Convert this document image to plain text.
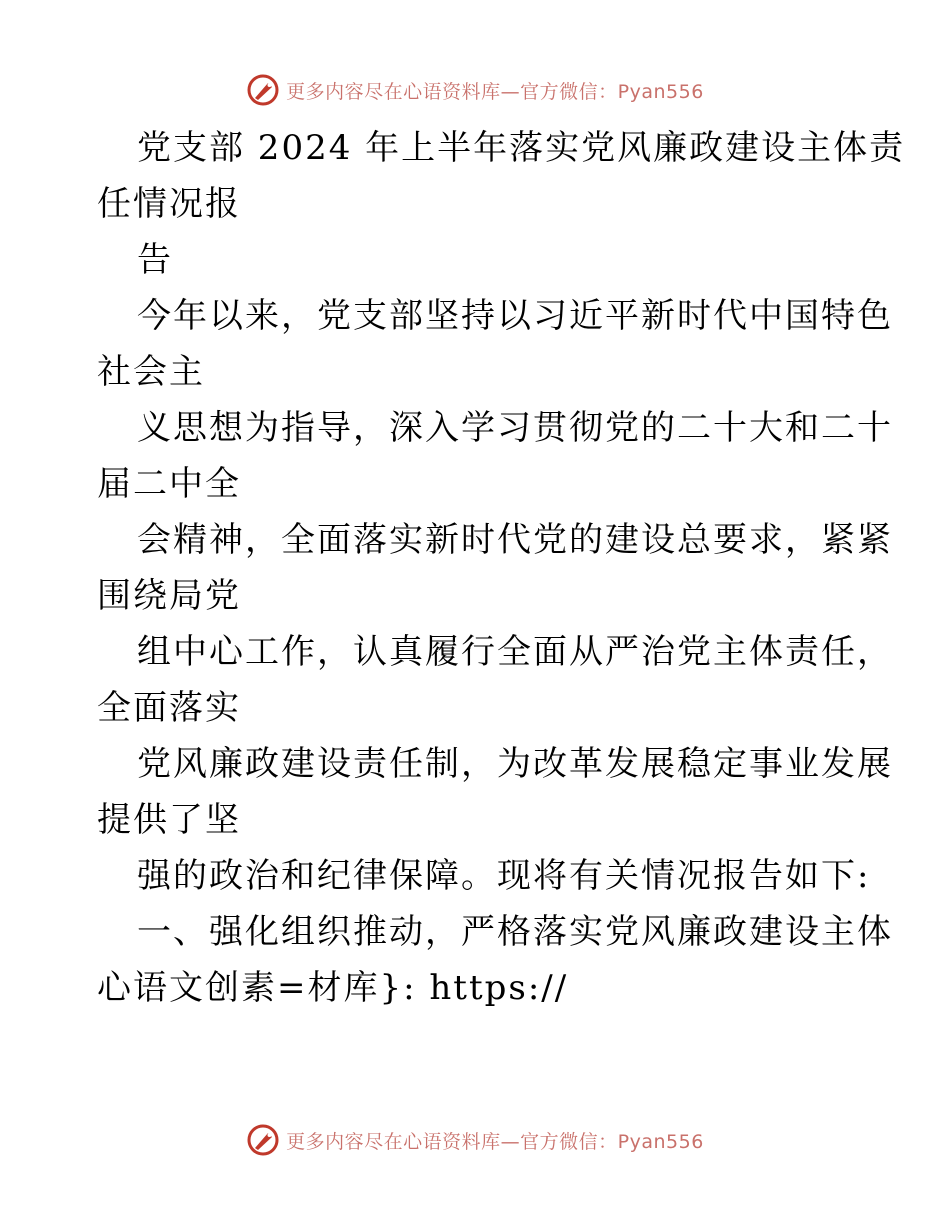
更多内容尽在心语资料库—官方微信：Pyan556
党支部 2024 年上半年落实党风廉政建设主体责
任情况报
告
今年以来，党支部坚持以习近平新时代中国特色
社会主
义思想为指导，深入学习贯彻党的二十大和二十
届二中全
会精神，全面落实新时代党的建设总要求，紧紧
围绕局党
组中心工作，认真履行全面从严治党主体责任，
全面落实
党风廉政建设责任制，为改革发展稳定事业发展
提供了坚
强的政治和纪律保障。现将有关情况报告如下:
一、强化组织推动，严格落实党风廉政建设主体
心语文创素=材库}: https://
更多内容尽在心语资料库—官方微信：Pyan556
